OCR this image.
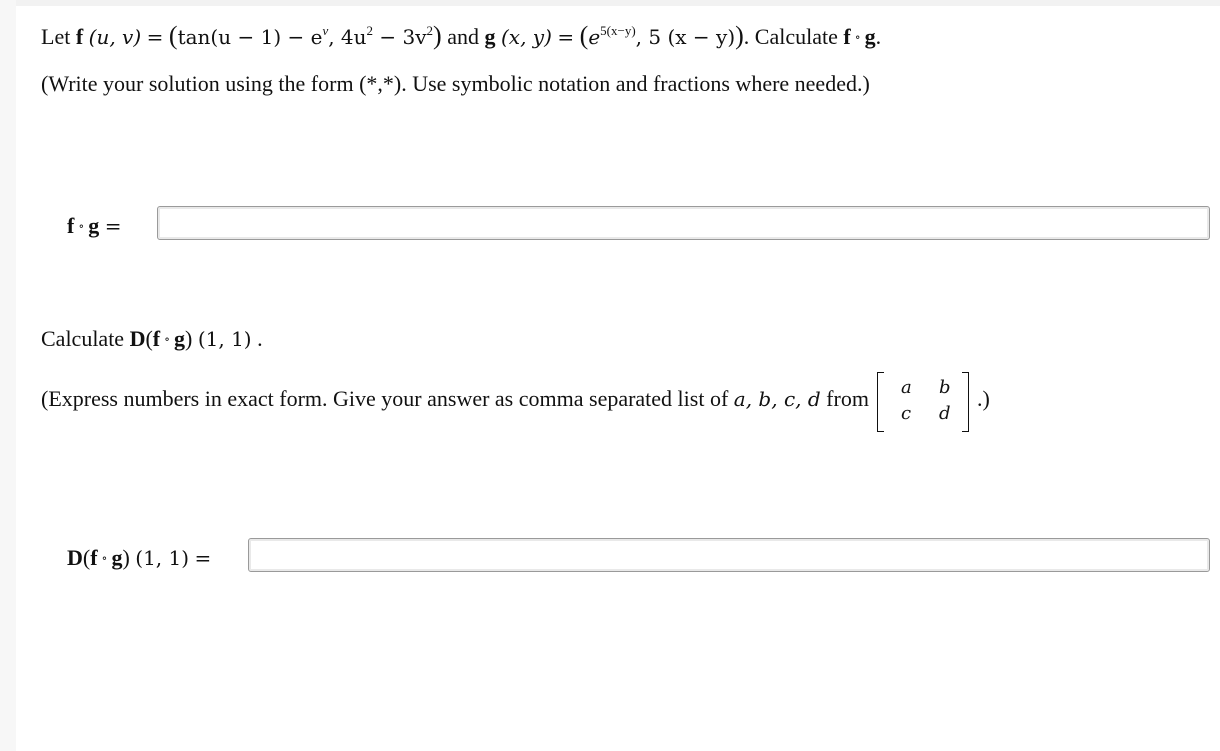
Let f (u, $v) = (\tan(u - 1) - e^v$, $4u^2 - 3v^2$) and g (x, $y) = (e^{5(x-y)}$, 5 (x − y)). Calculate f ∘ g.
(Write your solution using the form (*,*). Use symbolic notation and fractions where needed.)
f ∘ g =
Calculate D(f ∘ g) (1, 1) .
(Express numbers in exact form. Give your answer as comma separated list of a, b, c, d from a b
c d
.)
D(f ∘ g) (1, 1) =
